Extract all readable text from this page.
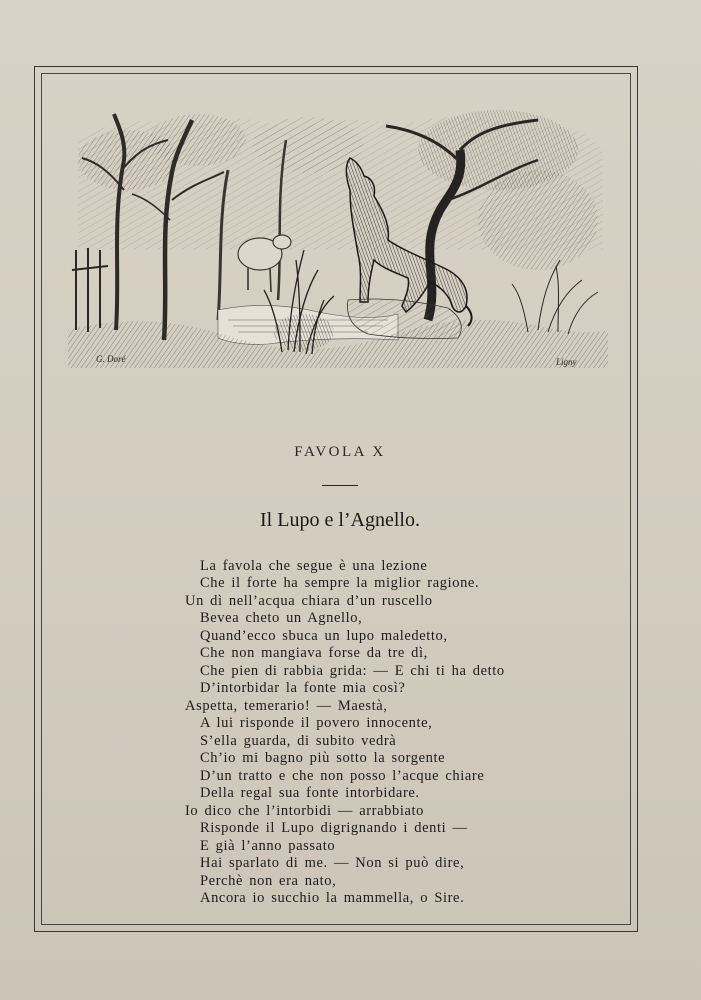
G. Doré	Ligny
FAVOLA X
Il Lupo e l’Agnello.
La favola che segue è una lezione
Che il forte ha sempre la miglior ragione.
Un dì nell’acqua chiara d’un ruscello
Bevea cheto un Agnello,
Quand’ecco sbuca un lupo maledetto,
Che non mangiava forse da tre dì,
Che pien di rabbia grida: — E chi ti ha detto
D’intorbidar la fonte mia così?
Aspetta, temerario! — Maestà,
A lui risponde il povero innocente,
S’ella guarda, di subito vedrà
Ch’io mi bagno più sotto la sorgente
D’un tratto e che non posso l’acque chiare
Della regal sua fonte intorbidare.
Io dico che l’intorbidi — arrabbiato
Risponde il Lupo digrignando i denti —
E già l’anno passato
Hai sparlato di me. — Non si può dire,
Perchè non era nato,
Ancora io succhio la mammella, o Sire.
